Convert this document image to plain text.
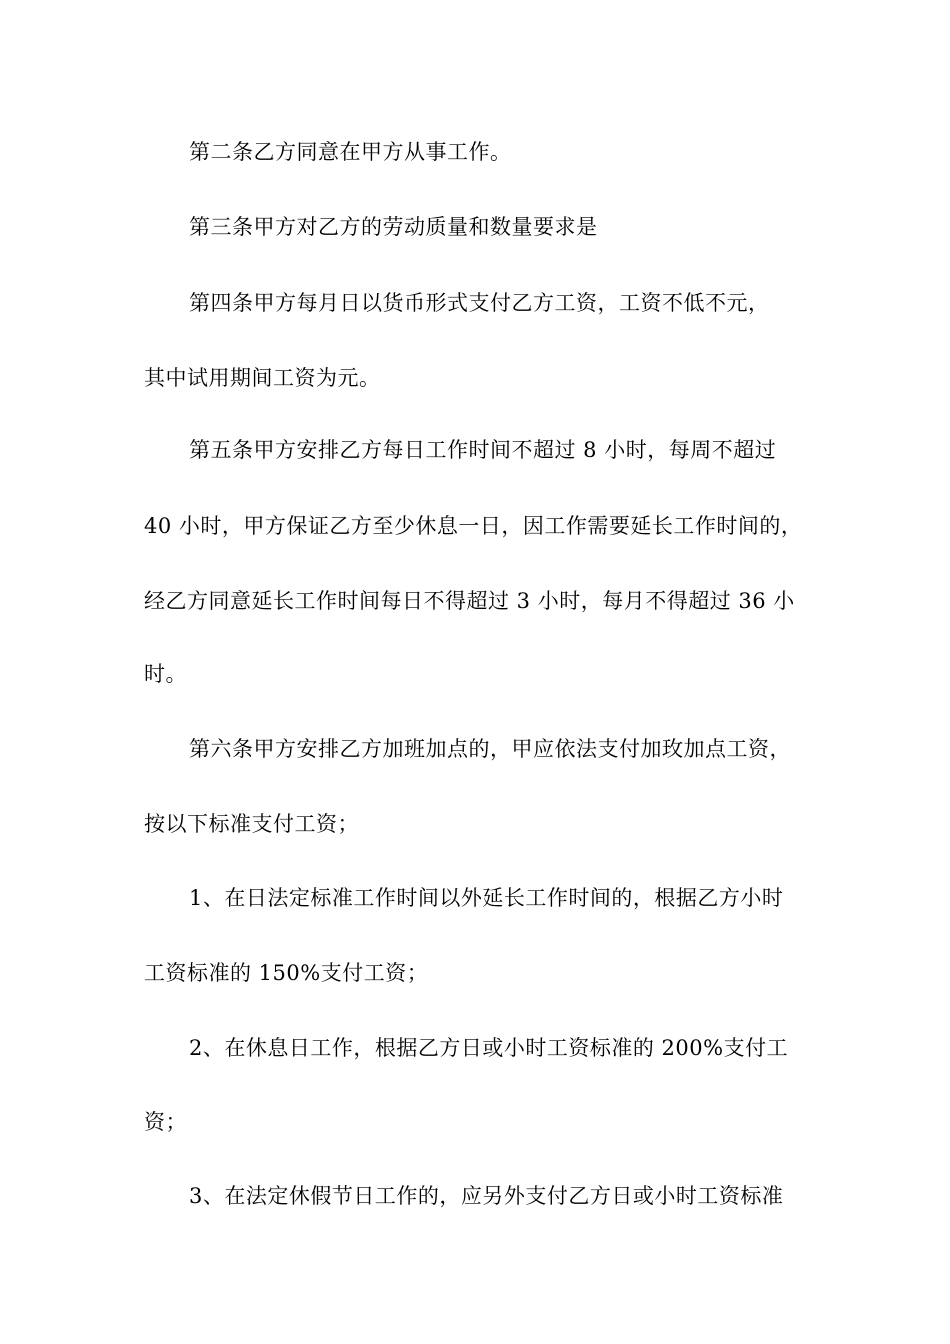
第二条乙方同意在甲方从事工作。
第三条甲方对乙方的劳动质量和数量要求是
第四条甲方每月日以货币形式支付乙方工资，工资不低不元，
其中试用期间工资为元。
第五条甲方安排乙方每日工作时间不超过 8 小时，每周不超过
40 小时，甲方保证乙方至少休息一日，因工作需要延长工作时间的，
经乙方同意延长工作时间每日不得超过 3 小时，每月不得超过 36 小
时。
第六条甲方安排乙方加班加点的，甲应依法支付加玫加点工资，
按以下标准支付工资；
1、在日法定标准工作时间以外延长工作时间的，根据乙方小时
工资标准的 150%支付工资；
2、在休息日工作，根据乙方日或小时工资标准的 200%支付工
资；
3、在法定休假节日工作的，应另外支付乙方日或小时工资标准
